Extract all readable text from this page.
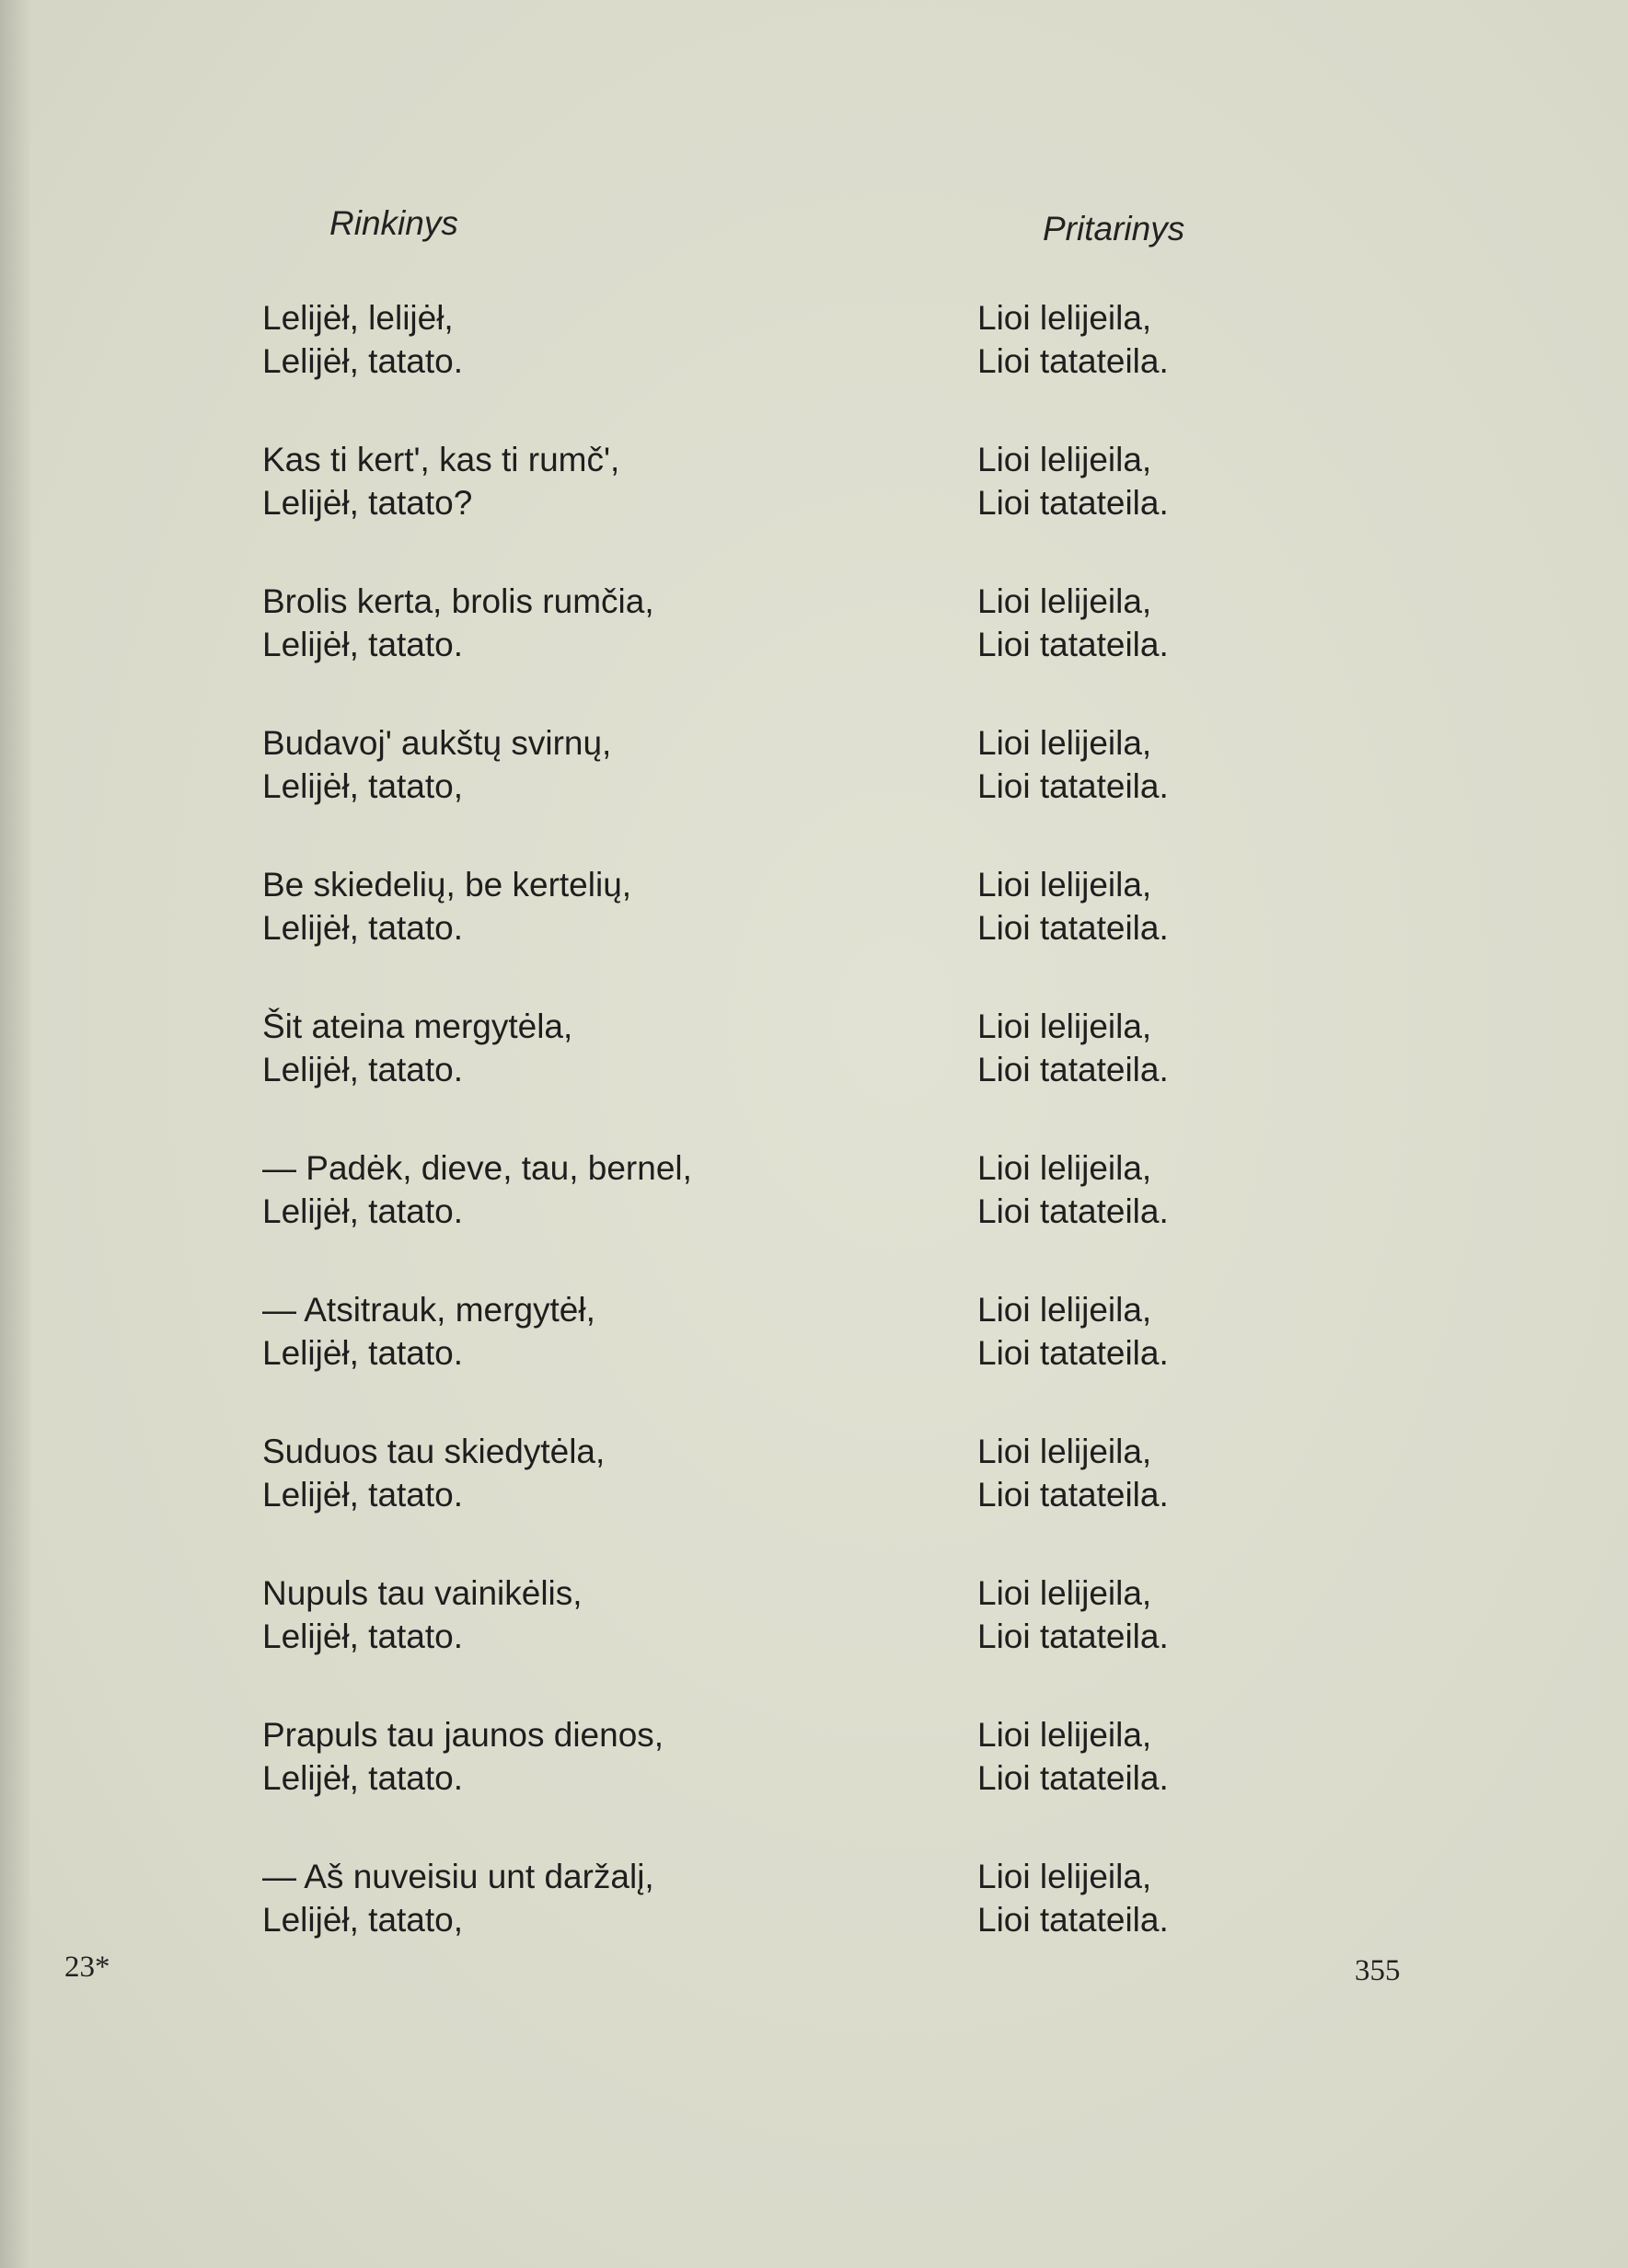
Rinkinys	Pritarinys
Lelijėł, lelijėł,
Lelijėł, tatato.
Lioi lelijeila,
Lioi tatateila.
Kas ti kert', kas ti rumč',
Lelijėł, tatato?
Lioi lelijeila,
Lioi tatateila.
Brolis kerta, brolis rumčia,
Lelijėł, tatato.
Lioi lelijeila,
Lioi tatateila.
Budavoj' aukštų svirnų,
Lelijėł, tatato,
Lioi lelijeila,
Lioi tatateila.
Be skiedelių, be kertelių,
Lelijėł, tatato.
Lioi lelijeila,
Lioi tatateila.
Šit ateina mergytėla,
Lelijėł, tatato.
Lioi lelijeila,
Lioi tatateila.
— Padėk, dieve, tau, bernel,
Lelijėł, tatato.
Lioi lelijeila,
Lioi tatateila.
— Atsitrauk, mergytėł,
Lelijėł, tatato.
Lioi lelijeila,
Lioi tatateila.
Suduos tau skiedytėla,
Lelijėł, tatato.
Lioi lelijeila,
Lioi tatateila.
Nupuls tau vainikėlis,
Lelijėł, tatato.
Lioi lelijeila,
Lioi tatateila.
Prapuls tau jaunos dienos,
Lelijėł, tatato.
Lioi lelijeila,
Lioi tatateila.
— Aš nuveisiu unt daržalį,
Lelijėł, tatato,
Lioi lelijeila,
Lioi tatateila.
23*	355
